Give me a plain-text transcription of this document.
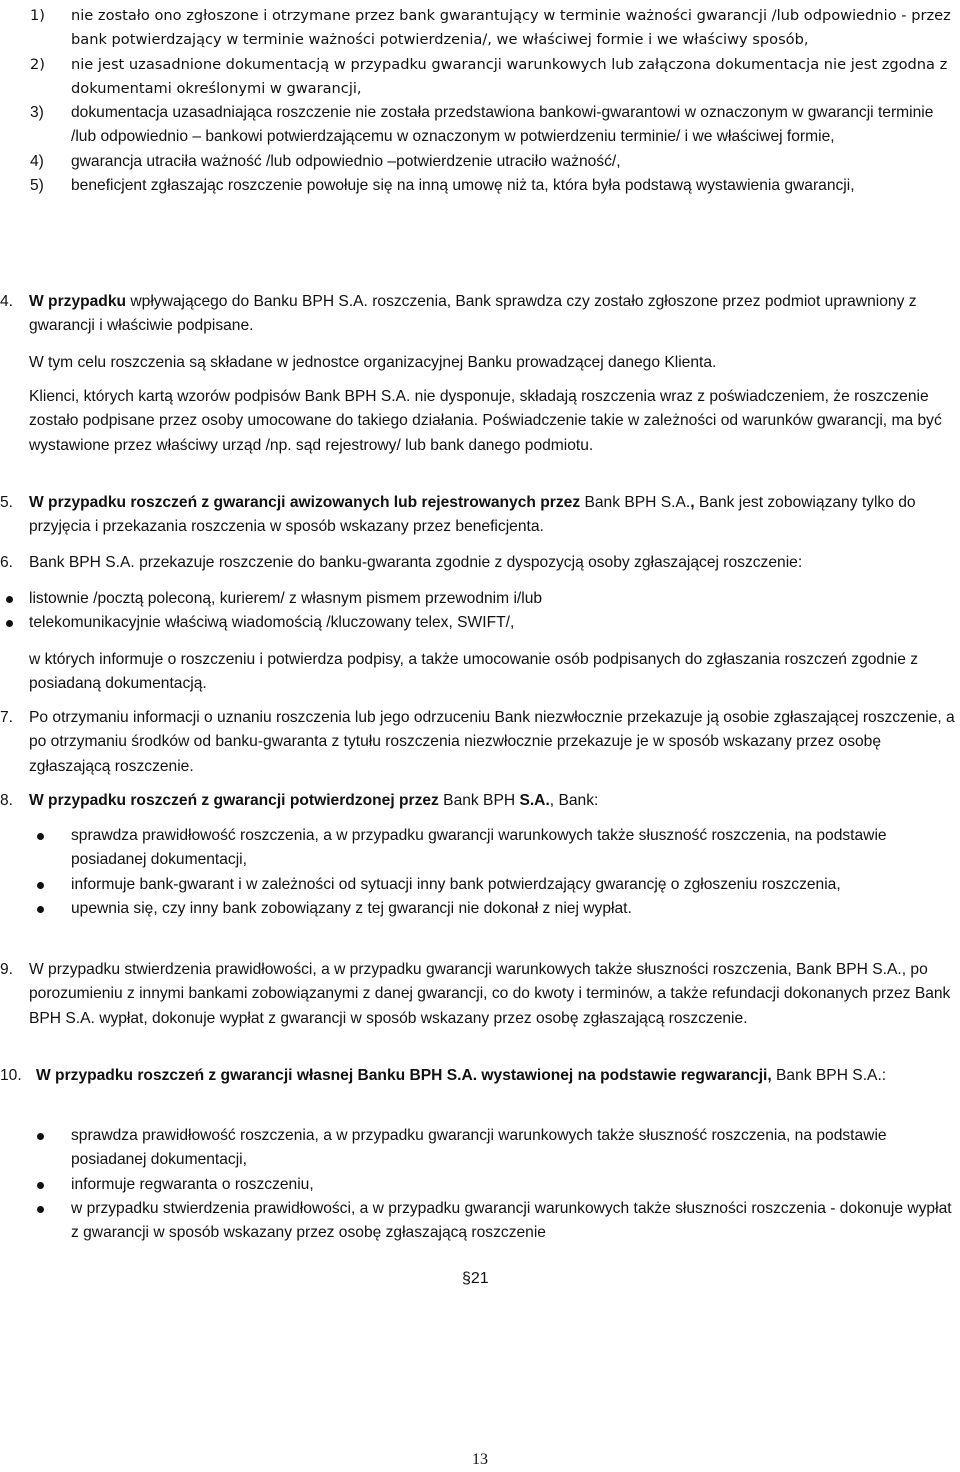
1) nie zostało ono zgłoszone i otrzymane przez bank gwarantujący w terminie ważności gwarancji /lub odpowiednio - przez bank potwierdzający w terminie ważności potwierdzenia/, we właściwej formie i we właściwy sposób,
2) nie jest uzasadnione dokumentacją w przypadku gwarancji warunkowych lub załączona dokumentacja nie jest zgodna z dokumentami określonymi w gwarancji,
3) dokumentacja uzasadniająca roszczenie nie została przedstawiona bankowi-gwarantowi w oznaczonym w gwarancji terminie /lub odpowiednio – bankowi potwierdzającemu w oznaczonym w potwierdzeniu terminie/ i we właściwej formie,
4) gwarancja utraciła ważność /lub odpowiednio –potwierdzenie utraciło ważność/,
5) beneficjent zgłaszając roszczenie powołuje się na inną umowę niż ta, która była podstawą wystawienia gwarancji,
4. W przypadku wpływającego do Banku BPH S.A. roszczenia, Bank sprawdza czy zostało zgłoszone przez podmiot uprawniony z gwarancji i właściwie podpisane.
W tym celu roszczenia są składane w jednostce organizacyjnej Banku prowadzącej danego Klienta.
Klienci, których kartą wzorów podpisów Bank BPH S.A. nie dysponuje, składają roszczenia wraz z poświadczeniem, że roszczenie zostało podpisane przez osoby umocowane do takiego działania. Poświadczenie takie w zależności od warunków gwarancji, ma być wystawione przez właściwy urząd /np. sąd rejestrowy/ lub bank danego podmiotu.
5. W przypadku roszczeń z gwarancji awizowanych lub rejestrowanych przez Bank BPH S.A., Bank jest zobowiązany tylko do przyjęcia i przekazania roszczenia w sposób wskazany przez beneficjenta.
6. Bank BPH S.A. przekazuje roszczenie do banku-gwaranta zgodnie z dyspozycją osoby zgłaszającej roszczenie:
listownie /pocztą poleconą, kurierem/ z własnym pismem przewodnim i/lub
telekomunikacyjnie właściwą wiadomością /kluczowany telex, SWIFT/,
w których informuje o roszczeniu i potwierdza podpisy, a także umocowanie osób podpisanych do zgłaszania roszczeń zgodnie z posiadaną dokumentacją.
7. Po otrzymaniu informacji o uznaniu roszczenia lub jego odrzuceniu Bank niezwłocznie przekazuje ją osobie zgłaszającej roszczenie, a po otrzymaniu środków od banku-gwaranta z tytułu roszczenia niezwłocznie przekazuje je w sposób wskazany przez osobę zgłaszającą roszczenie.
8. W przypadku roszczeń z gwarancji potwierdzonej przez Bank BPH S.A., Bank:
sprawdza prawidłowość roszczenia, a w przypadku gwarancji warunkowych także słuszność roszczenia, na podstawie posiadanej dokumentacji,
informuje bank-gwarant i w zależności od sytuacji inny bank potwierdzający gwarancję o zgłoszeniu roszczenia,
upewnia się, czy inny bank zobowiązany z tej gwarancji nie dokonał z niej wypłat.
9. W przypadku stwierdzenia prawidłowości, a w przypadku gwarancji warunkowych także słuszności roszczenia, Bank BPH S.A., po porozumieniu z innymi bankami zobowiązanymi z danej gwarancji, co do kwoty i terminów, a także refundacji dokonanych przez Bank BPH S.A. wypłat, dokonuje wypłat z gwarancji w sposób wskazany przez osobę zgłaszającą roszczenie.
10. W przypadku roszczeń z gwarancji własnej Banku BPH S.A. wystawionej na podstawie regwarancji, Bank BPH S.A.:
sprawdza prawidłowość roszczenia, a w przypadku gwarancji warunkowych także słuszność roszczenia, na podstawie posiadanej dokumentacji,
informuje regwaranta o roszczeniu,
w przypadku stwierdzenia prawidłowości, a w przypadku gwarancji warunkowych także słuszności roszczenia - dokonuje wypłat z gwarancji w sposób wskazany przez osobę zgłaszającą roszczenie
§21
13
